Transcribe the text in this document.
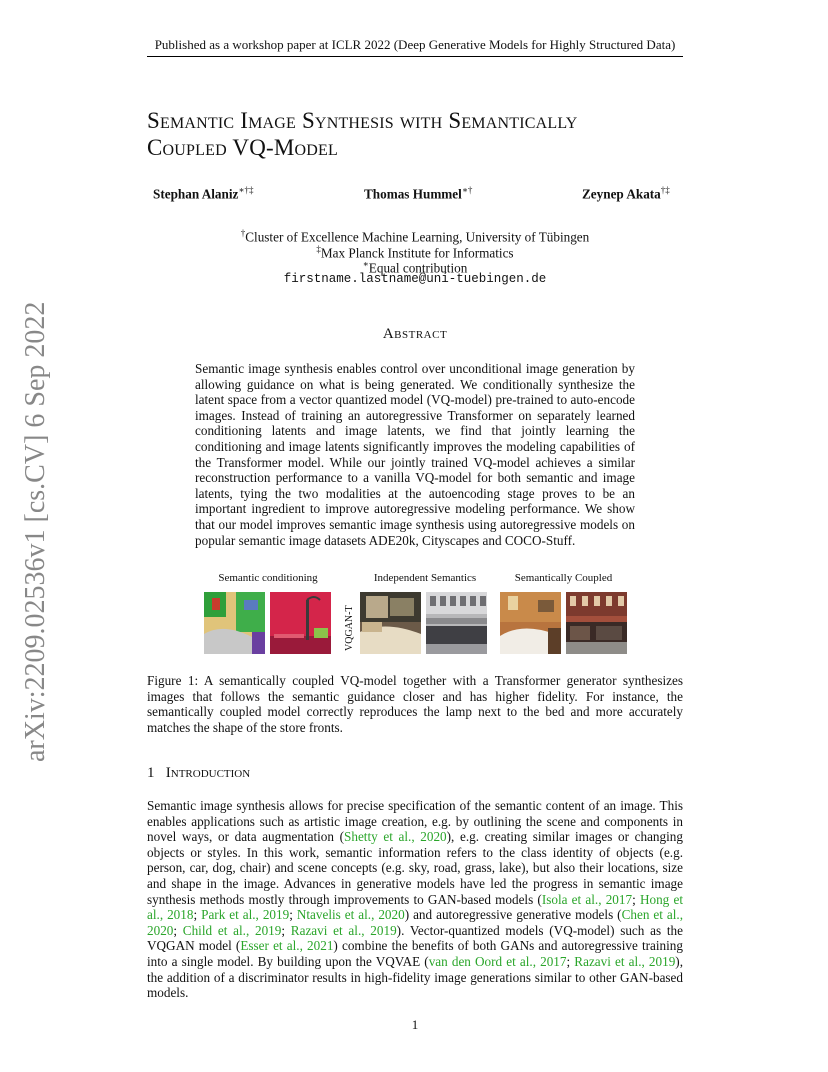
arXiv:2209.02536v1 [cs.CV] 6 Sep 2022
Published as a workshop paper at ICLR 2022 (Deep Generative Models for Highly Structured Data)
Semantic Image Synthesis with Semantically
Coupled VQ-Model
Stephan Alaniz∗†‡	Thomas Hummel∗†	Zeynep Akata†‡
†Cluster of Excellence Machine Learning, University of Tübingen
‡Max Planck Institute for Informatics
∗Equal contribution
firstname.lastname@uni-tuebingen.de
Abstract
Semantic image synthesis enables control over unconditional image generation by allowing guidance on what is being generated. We conditionally synthesize the latent space from a vector quantized model (VQ-model) pre-trained to auto-encode images. Instead of training an autoregressive Transformer on separately learned conditioning latents and image latents, we find that jointly learning the conditioning and image latents significantly improves the modeling capabilities of the Transformer model. While our jointly trained VQ-model achieves a similar reconstruction performance to a vanilla VQ-model for both semantic and image latents, tying the two modalities at the autoencoding stage proves to be an important ingredient to improve autoregressive modeling performance. We show that our model improves semantic image synthesis using autoregressive models on popular semantic image datasets ADE20k, Cityscapes and COCO-Stuff.
Semantic conditioning	Independent Semantics	Semantically Coupled
VQGAN-T
Figure 1: A semantically coupled VQ-model together with a Transformer generator synthesizes images that follows the semantic guidance closer and has higher fidelity. For instance, the semantically coupled model correctly reproduces the lamp next to the bed and more accurately matches the shape of the store fronts.
1 Introduction
Semantic image synthesis allows for precise specification of the semantic content of an image. This enables applications such as artistic image creation, e.g. by outlining the scene and components in novel ways, or data augmentation (Shetty et al., 2020), e.g. creating similar images or changing objects or styles. In this work, semantic information refers to the class identity of objects (e.g. person, car, dog, chair) and scene concepts (e.g. sky, road, grass, lake), but also their locations, size and shape in the image. Advances in generative models have led the progress in semantic image synthesis methods mostly through improvements to GAN-based models (Isola et al., 2017; Hong et al., 2018; Park et al., 2019; Ntavelis et al., 2020) and autoregressive generative models (Chen et al., 2020; Child et al., 2019; Razavi et al., 2019). Vector-quantized models (VQ-model) such as the VQGAN model (Esser et al., 2021) combine the benefits of both GANs and autoregressive training into a single model. By building upon the VQVAE (van den Oord et al., 2017; Razavi et al., 2019), the addition of a discriminator results in high-fidelity image generations similar to other GAN-based models.
1
